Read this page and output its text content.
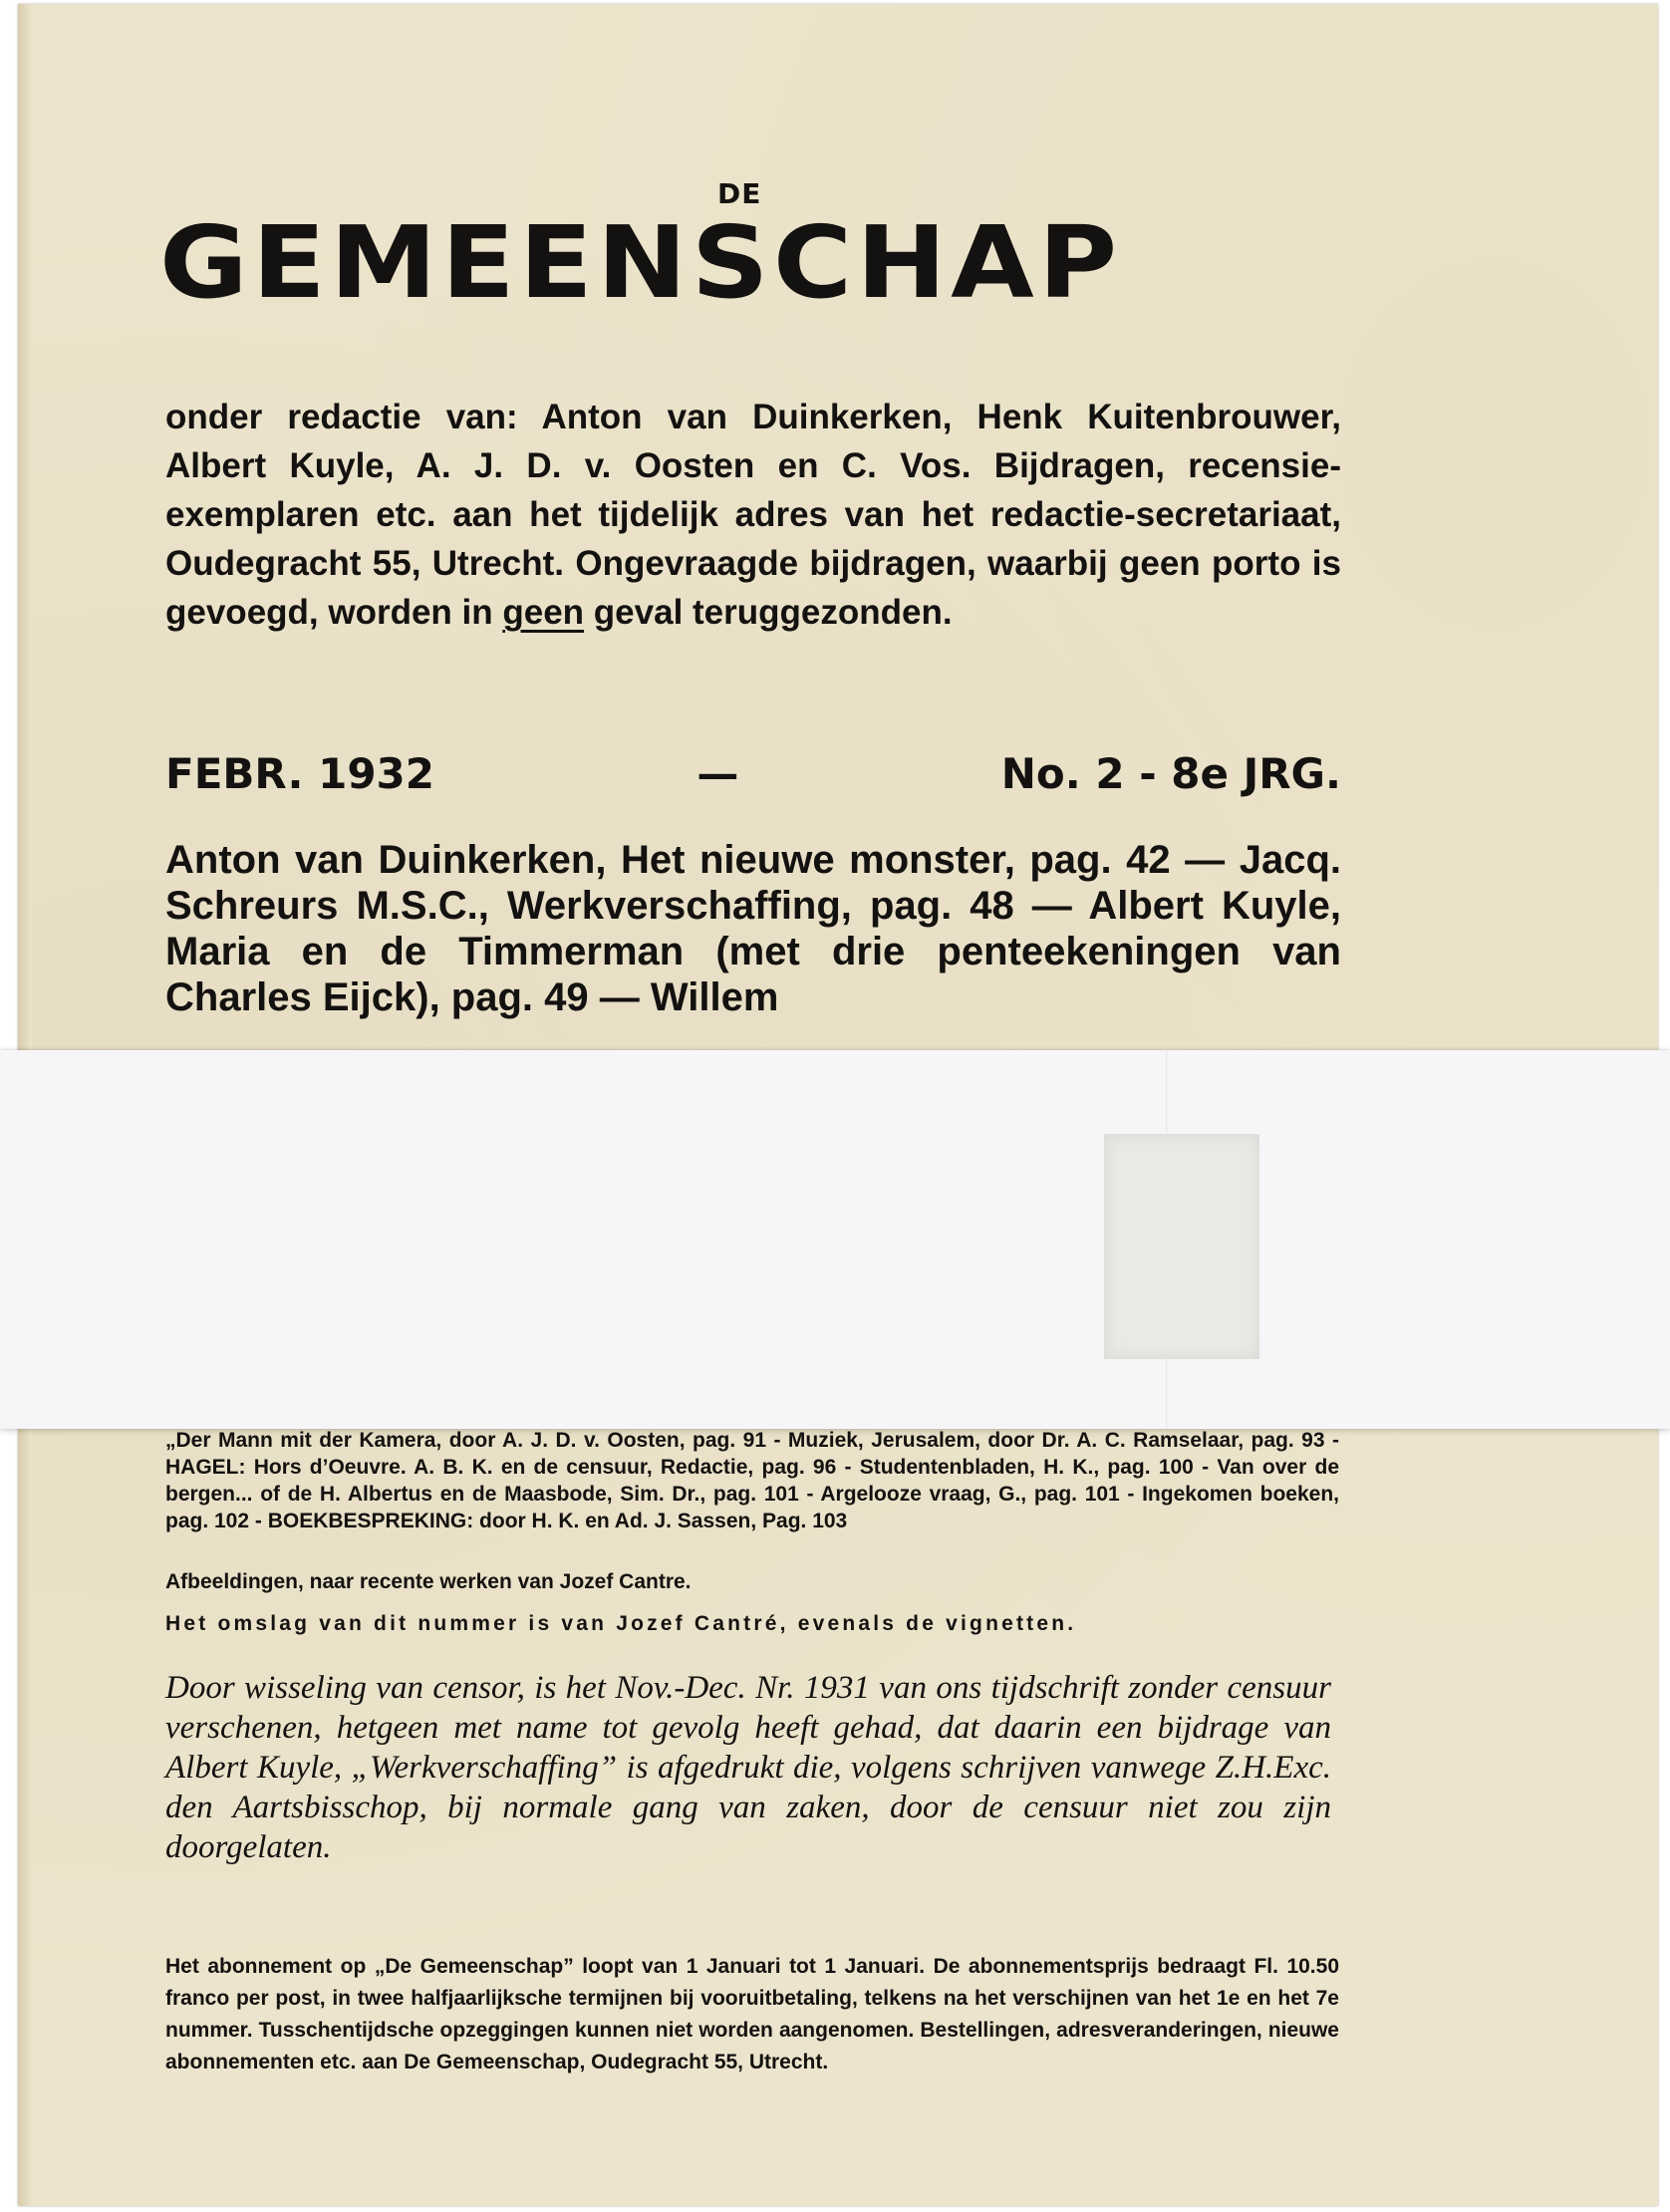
DE
GEMEENSCHAP
onder redactie van: Anton van Duinkerken, Henk Kuitenbrouwer, Albert Kuyle, A. J. D. v. Oosten en C. Vos. Bijdragen, recensie-exemplaren etc. aan het tijdelijk adres van het redactie-secretariaat, Oudegracht 55, Utrecht. Ongevraagde bijdragen, waarbij geen porto is gevoegd, worden in geen geval teruggezonden.
FEBR. 1932	—	No. 2 - 8e JRG.
Anton van Duinkerken, Het nieuwe monster, pag. 42 — Jacq. Schreurs M.S.C., Werkverschaffing, pag. 48 — Albert Kuyle, Maria en de Timmerman (met drie penteekeningen van Charles Eijck), pag. 49 — Willem
„Der Mann mit der Kamera, door A. J. D. v. Oosten, pag. 91 - Muziek, Jerusalem, door Dr. A. C. Ramselaar, pag. 93 - HAGEL: Hors d’Oeuvre. A. B. K. en de censuur, Redactie, pag. 96 - Studentenbladen, H. K., pag. 100 - Van over de bergen... of de H. Albertus en de Maasbode, Sim. Dr., pag. 101 - Argelooze vraag, G., pag. 101 - Ingekomen boeken, pag. 102 - BOEKBESPREKING: door H. K. en Ad. J. Sassen, Pag. 103
Afbeeldingen, naar recente werken van Jozef Cantre.
Het omslag van dit nummer is van Jozef Cantré, evenals de vignetten.
Door wisseling van censor, is het Nov.-Dec. Nr. 1931 van ons tijdschrift zonder censuur verschenen, hetgeen met name tot gevolg heeft gehad, dat daarin een bijdrage van Albert Kuyle, „Werkverschaffing” is afgedrukt die, volgens schrijven vanwege Z.H.Exc. den Aartsbisschop, bij normale gang van zaken, door de censuur niet zou zijn doorgelaten.
Het abonnement op „De Gemeenschap” loopt van 1 Januari tot 1 Januari. De abonnementsprijs bedraagt Fl. 10.50 franco per post, in twee halfjaarlijksche termijnen bij vooruitbetaling, telkens na het verschijnen van het 1e en het 7e nummer. Tusschentijdsche opzeggingen kunnen niet worden aangenomen. Bestellingen, adresveranderingen, nieuwe abonnementen etc. aan De Gemeenschap, Oudegracht 55, Utrecht.
